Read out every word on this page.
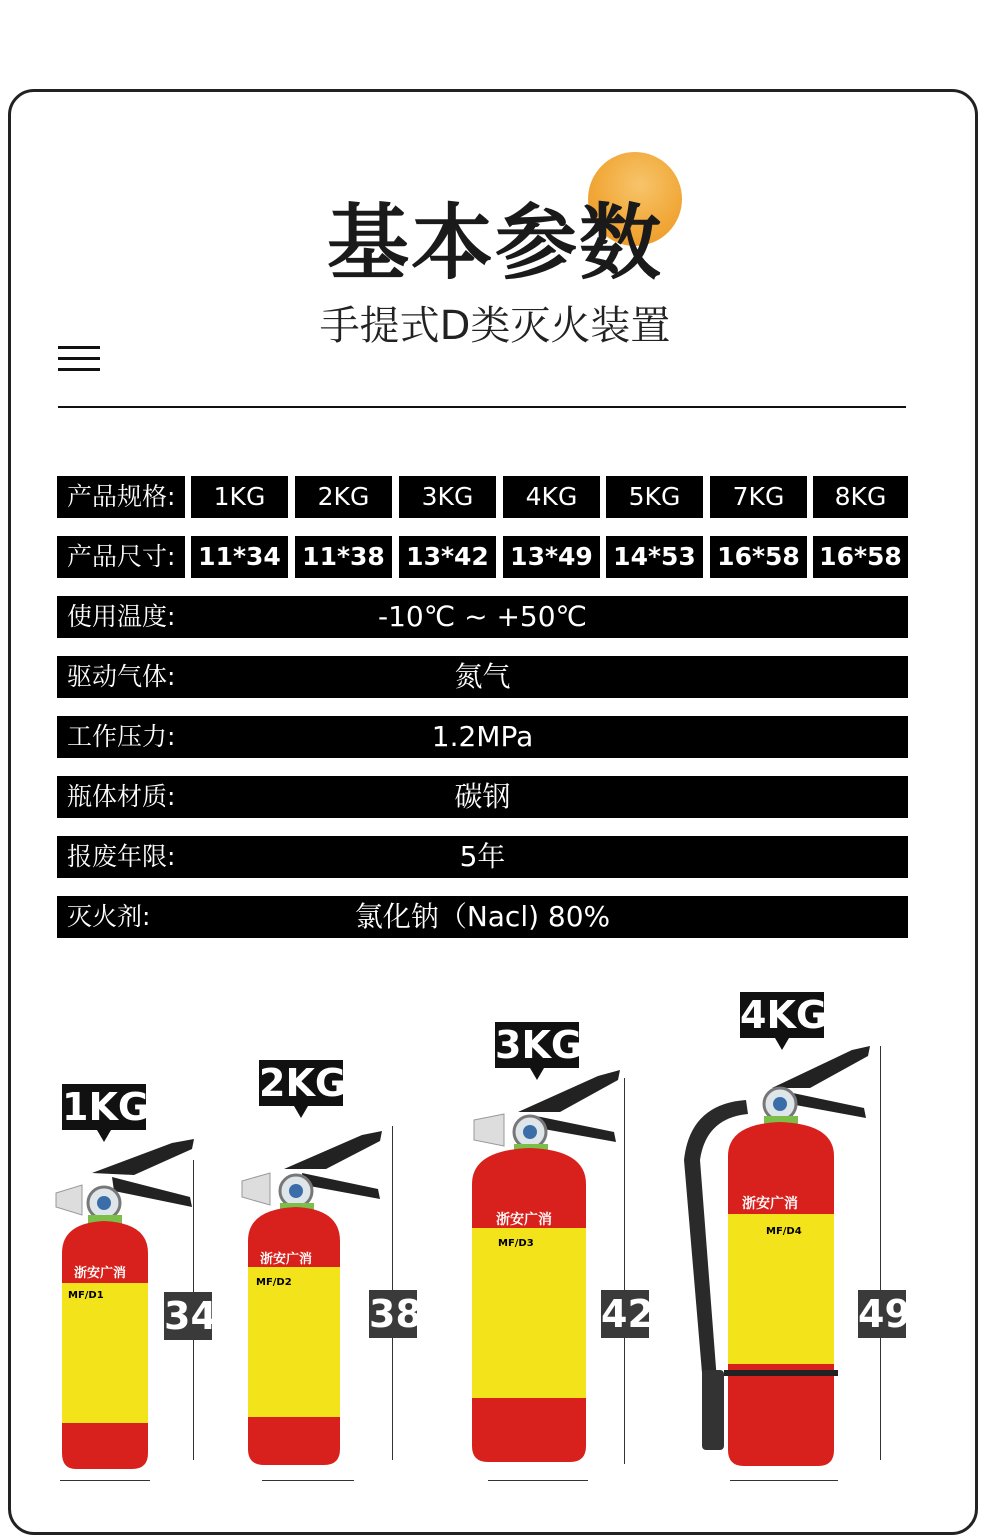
基本参数
手提式D类灭火装置
产品规格:	1KG	2KG	3KG	4KG	5KG	7KG	8KG
产品尺寸: 11*34 11*38 13*42 13*49 14*53 16*58 16*58
使用温度:	-10℃ ~ +50℃
驱动气体:	氮气
工作压力:	1.2MPa
瓶体材质:	碳钢
报废年限:	5年
灭火剂:	氯化钠（Nacl) 80%
1KG
浙安广消
MF/D1 34
2KG
浙安广消
MF/D2
38
3KG
浙安广消
MF/D3
42
4KG
浙安广消
MF/D4
49
